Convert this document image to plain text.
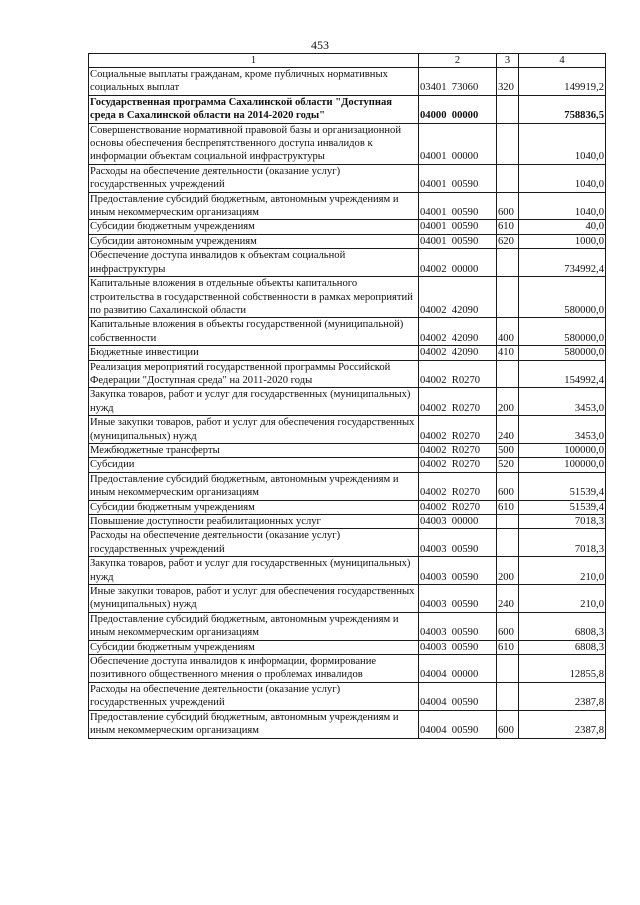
453
1	2	3	4
Социальные выплаты гражданам, кроме публичных нормативных социальных выплат	03401  73060	320	149919,2
Государственная программа Сахалинской области "Доступная среда в Сахалинской области на 2014-2020 годы"	04000  00000		758836,5
Совершенствование нормативной правовой базы и организационной основы обеспечения беспрепятственного доступа инвалидов к информации объектам социальной инфраструктуры	04001  00000		1040,0
Расходы на обеспечение деятельности (оказание услуг) государственных учреждений	04001  00590		1040,0
Предоставление субсидий бюджетным, автономным учреждениям и иным некоммерческим организациям	04001  00590	600	1040,0
Субсидии бюджетным учреждениям	04001  00590	610	40,0
Субсидии автономным учреждениям	04001  00590	620	1000,0
Обеспечение доступа инвалидов к объектам социальной инфраструктуры	04002  00000		734992,4
Капитальные вложения в отдельные объекты капитального строительства в государственной собственности в рамках мероприятий по развитию Сахалинской области	04002  42090		580000,0
Капитальные вложения в объекты государственной (муниципальной) собственности	04002  42090	400	580000,0
Бюджетные инвестиции	04002  42090	410	580000,0
Реализация мероприятий государственной программы Российской Федерации "Доступная среда" на 2011-2020 годы	04002  R0270		154992,4
Закупка товаров, работ и услуг для государственных (муниципальных) нужд	04002  R0270	200	3453,0
Иные закупки товаров, работ и услуг для обеспечения государственных (муниципальных) нужд	04002  R0270	240	3453,0
Межбюджетные трансферты	04002  R0270	500	100000,0
Субсидии	04002  R0270	520	100000,0
Предоставление субсидий бюджетным, автономным учреждениям и иным некоммерческим организациям	04002  R0270	600	51539,4
Субсидии бюджетным учреждениям	04002  R0270	610	51539,4
Повышение доступности реабилитационных услуг	04003  00000		7018,3
Расходы на обеспечение деятельности (оказание услуг) государственных учреждений	04003  00590		7018,3
Закупка товаров, работ и услуг для государственных (муниципальных) нужд	04003  00590	200	210,0
Иные закупки товаров, работ и услуг для обеспечения государственных (муниципальных) нужд	04003  00590	240	210,0
Предоставление субсидий бюджетным, автономным учреждениям и иным некоммерческим организациям	04003  00590	600	6808,3
Субсидии бюджетным учреждениям	04003  00590	610	6808,3
Обеспечение доступа инвалидов к информации, формирование позитивного общественного мнения о проблемах инвалидов	04004  00000		12855,8
Расходы на обеспечение деятельности (оказание услуг) государственных учреждений	04004  00590		2387,8
Предоставление субсидий бюджетным, автономным учреждениям и иным некоммерческим организациям	04004  00590	600	2387,8
